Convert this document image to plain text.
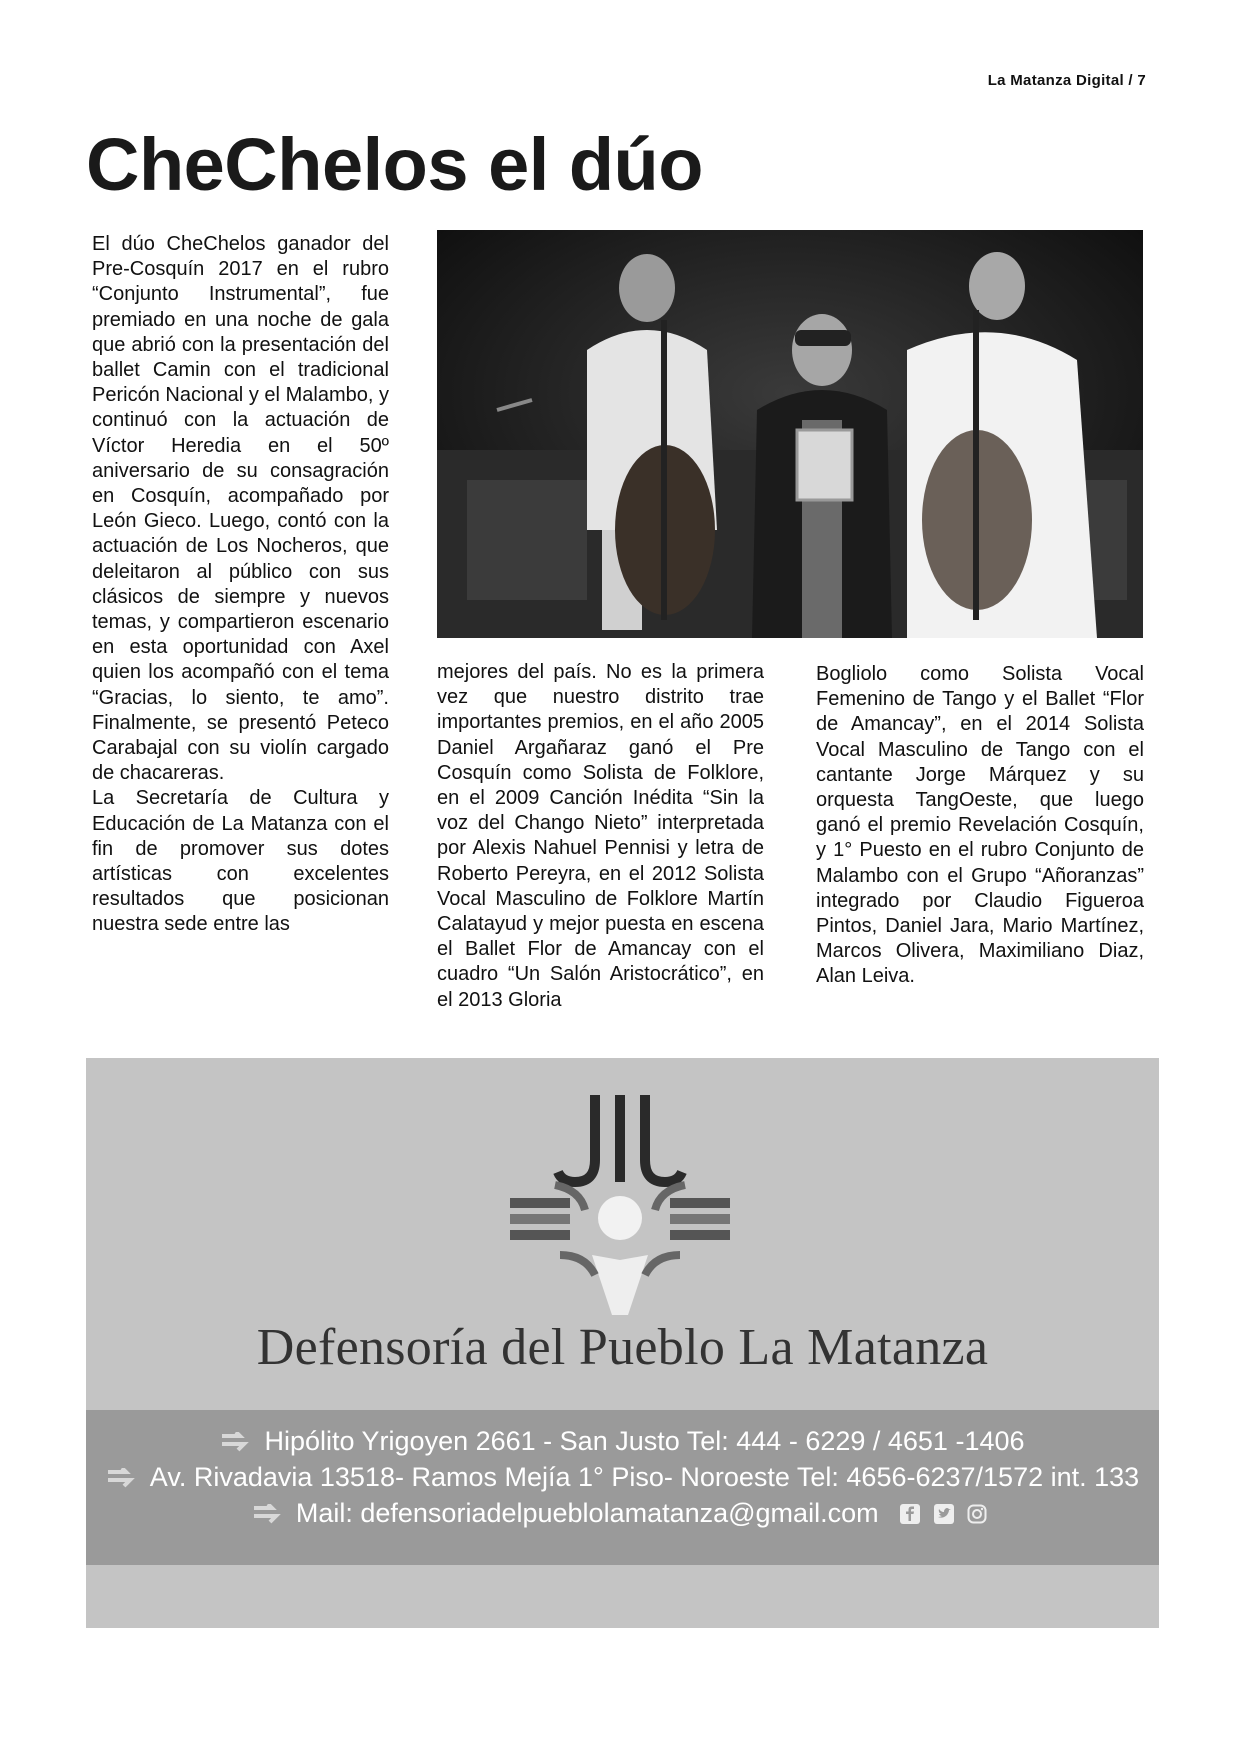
La Matanza Digital / 7
CheChelos el dúo

El dúo CheChelos ganador del Pre-Cosquín 2017 en el rubro “Conjunto Instrumental”, fue premiado en una noche de gala que abrió con la presentación del ballet Camin con el tradicional Pericón Nacional y el Malambo, y continuó con la actuación de Víctor Heredia en el 50º aniversario de su consagración en Cosquín, acompañado por León Gieco. Luego, contó con la actuación de Los Nocheros, que deleitaron al público con sus clásicos de siempre y nuevos temas, y compartieron escenario en esta oportunidad con Axel quien los acompañó con el tema “Gracias, lo siento, te amo”. Finalmente, se presentó Peteco Carabajal con su violín cargado de chacareras.

La Secretaría de Cultura y Educación de La Matanza con el fin de promover sus dotes artísticas con excelentes resultados que posicionan nuestra sede entre las

mejores del país. No es la primera vez que nuestro distrito trae importantes premios, en el año 2005 Daniel Argañaraz ganó el Pre Cosquín como Solista de Folklore, en el 2009 Canción Inédita “Sin la voz del Chango Nieto” interpretada por Alexis Nahuel Pennisi y letra de Roberto Pereyra, en el 2012 Solista Vocal Masculino de Folklore Martín Calatayud y mejor puesta en escena el Ballet Flor de Amancay con el cuadro “Un Salón Aristocrático”, en el 2013 Gloria

Bogliolo como Solista Vocal Femenino de Tango y el Ballet “Flor de Amancay”, en el 2014 Solista Vocal Masculino de Tango con el cantante Jorge Márquez y su orquesta TangOeste, que luego ganó el premio Revelación Cosquín, y 1° Puesto en el rubro Conjunto de Malambo con el Grupo “Añoranzas” integrado por Claudio Figueroa Pintos, Daniel Jara, Mario Martínez, Marcos Olivera, Maximiliano Diaz, Alan Leiva.

Defensoría del Pueblo La Matanza
Hipólito Yrigoyen 2661 - San Justo Tel: 444 - 6229 / 4651 -1406
Av. Rivadavia 13518- Ramos Mejía 1° Piso- Noroeste Tel: 4656-6237/1572 int. 133
Mail: defensoriadelpueblolamatanza@gmail.com
